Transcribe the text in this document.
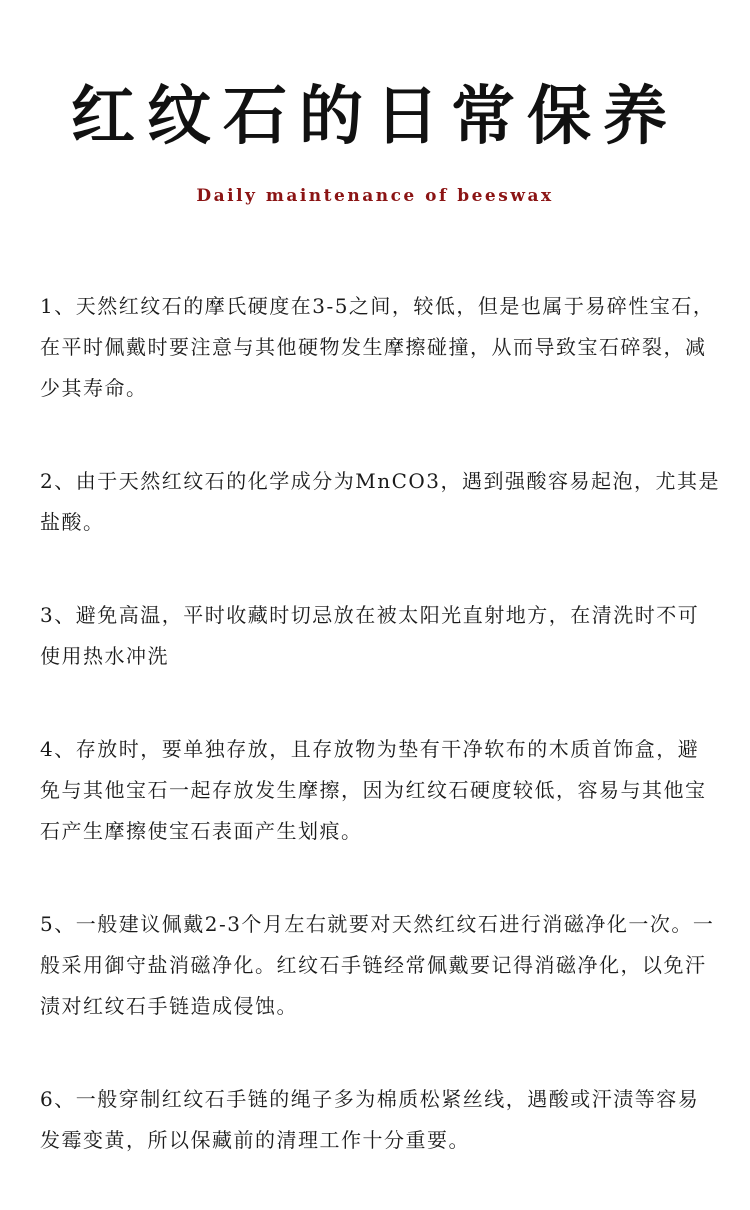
红纹石的日常保养
Daily maintenance of beeswax
1、天然红纹石的摩氏硬度在3-5之间，较低，但是也属于易碎性宝石，在平时佩戴时要注意与其他硬物发生摩擦碰撞，从而导致宝石碎裂，减少其寿命。
2、由于天然红纹石的化学成分为MnCO3，遇到强酸容易起泡，尤其是盐酸。
3、避免高温，平时收藏时切忌放在被太阳光直射地方，在清洗时不可使用热水冲洗
4、存放时，要单独存放，且存放物为垫有干净软布的木质首饰盒，避免与其他宝石一起存放发生摩擦，因为红纹石硬度较低，容易与其他宝石产生摩擦使宝石表面产生划痕。
5、一般建议佩戴2-3个月左右就要对天然红纹石进行消磁净化一次。一般采用御守盐消磁净化。红纹石手链经常佩戴要记得消磁净化，以免汗渍对红纹石手链造成侵蚀。
6、一般穿制红纹石手链的绳子多为棉质松紧丝线，遇酸或汗渍等容易发霉变黄，所以保藏前的清理工作十分重要。
